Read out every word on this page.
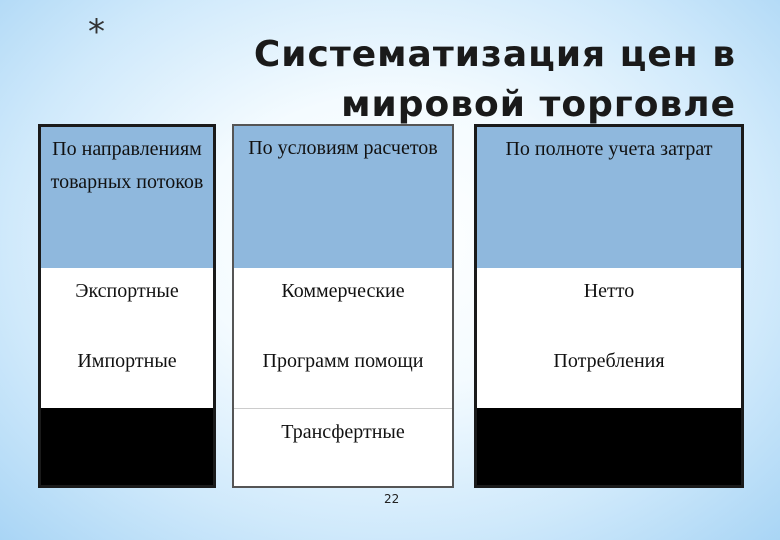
*
Систематизация цен в мировой торговле
По направлениям товарных потоков
Экспортные
Импортные
По условиям расчетов
Коммерческие
Программ помощи
Трансфертные
По полноте учета затрат
Нетто
Потребления
22
